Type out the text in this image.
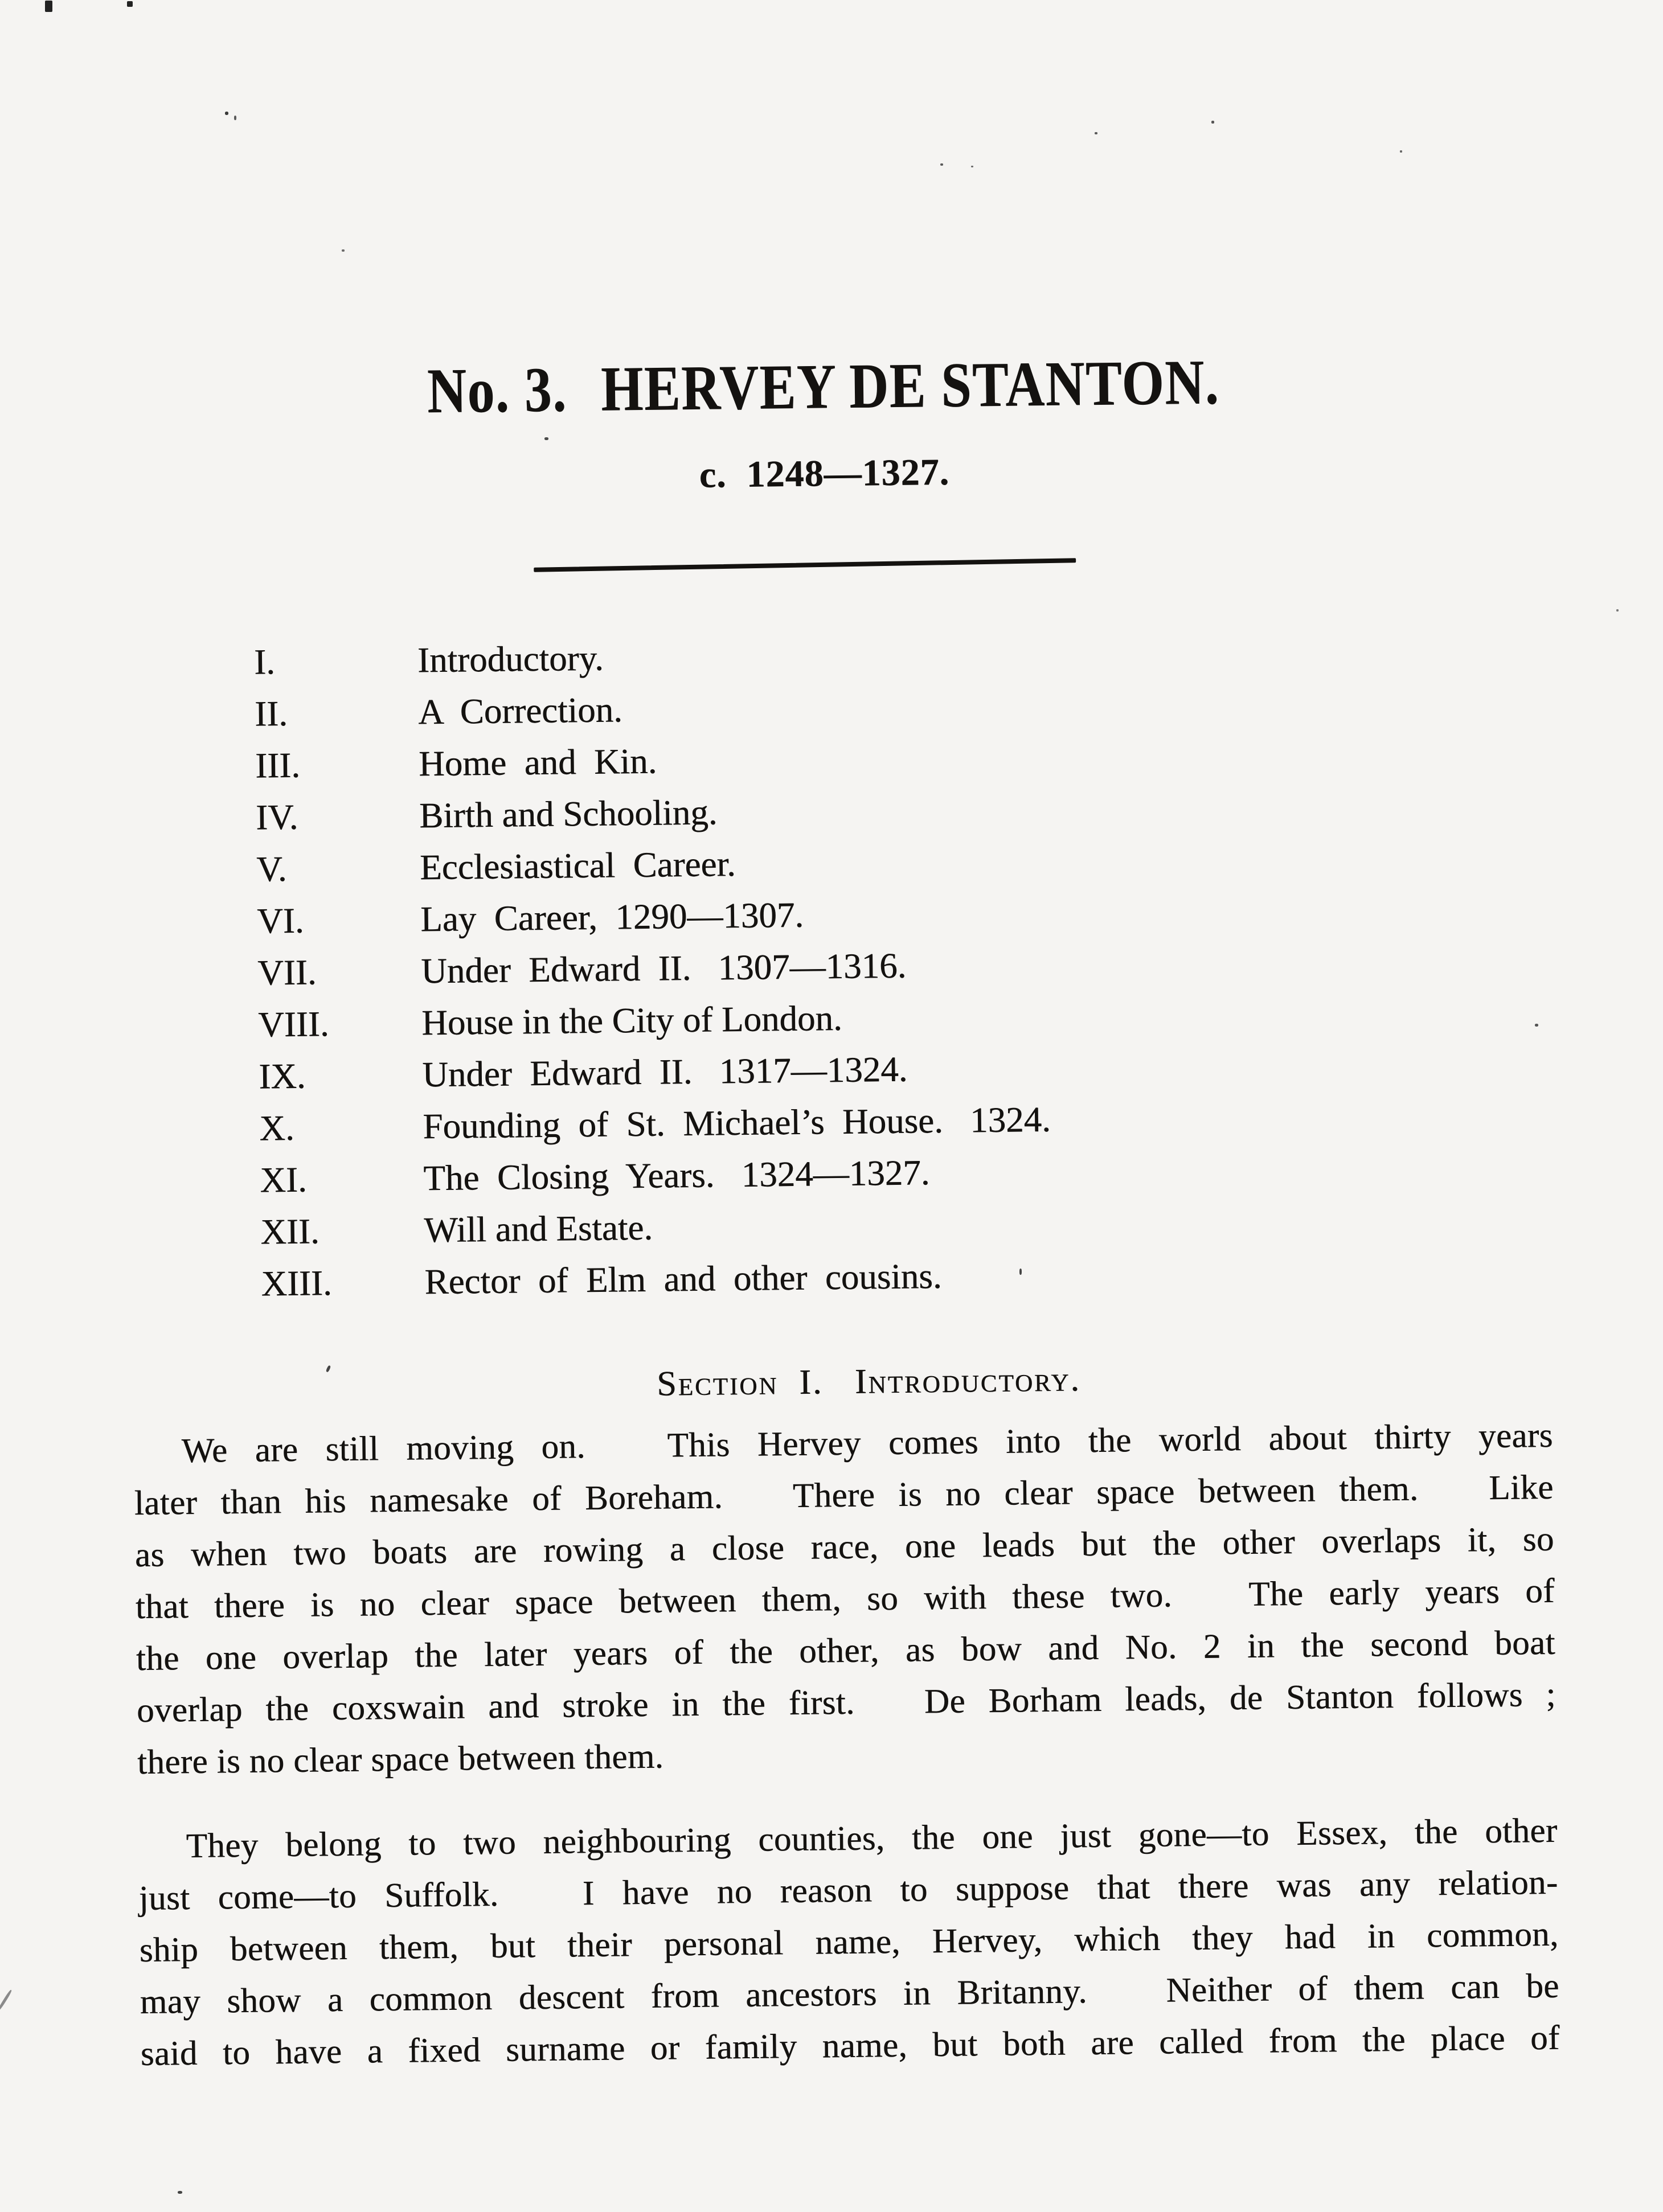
No. 3. HERVEY DE STANTON.
c.  1248—1327.
I.	Introductory.
II.	A  Correction.
III.	Home  and  Kin.
IV.	Birth and Schooling.
V.	Ecclesiastical  Career.
VI.	Lay  Career,  1290—1307.
VII.	Under  Edward  II.   1307—1316.
VIII.	House in the City of London.
IX.	Under  Edward  II.   1317—1324.
X.	Founding  of  St.  Michael’s  House.   1324.
XI.	The  Closing  Years.   1324—1327.
XII.	Will and Estate.
XIII.	Rector  of  Elm  and  other  cousins.
Section  I.   Introductory.
We are still moving on.   This Hervey comes into the world about thirty years
later than his namesake of Boreham.   There is no clear space between them.   Like
as when two boats are rowing a close race, one leads but the other overlaps it, so
that there is no clear space between them, so with these two.   The early years of
the one overlap the later years of the other, as bow and No. 2 in the second boat
overlap the coxswain and stroke in the first.   De Borham leads, de Stanton follows ;
there is no clear space between them.
They belong to two neighbouring counties, the one just gone—to Essex, the other
just come—to Suffolk.   I have no reason to suppose that there was any relation-
ship between them, but their personal name, Hervey, which they had in common,
may show a common descent from ancestors in Britanny.   Neither of them can be
said to have a fixed surname or family name, but both are called from the place of
